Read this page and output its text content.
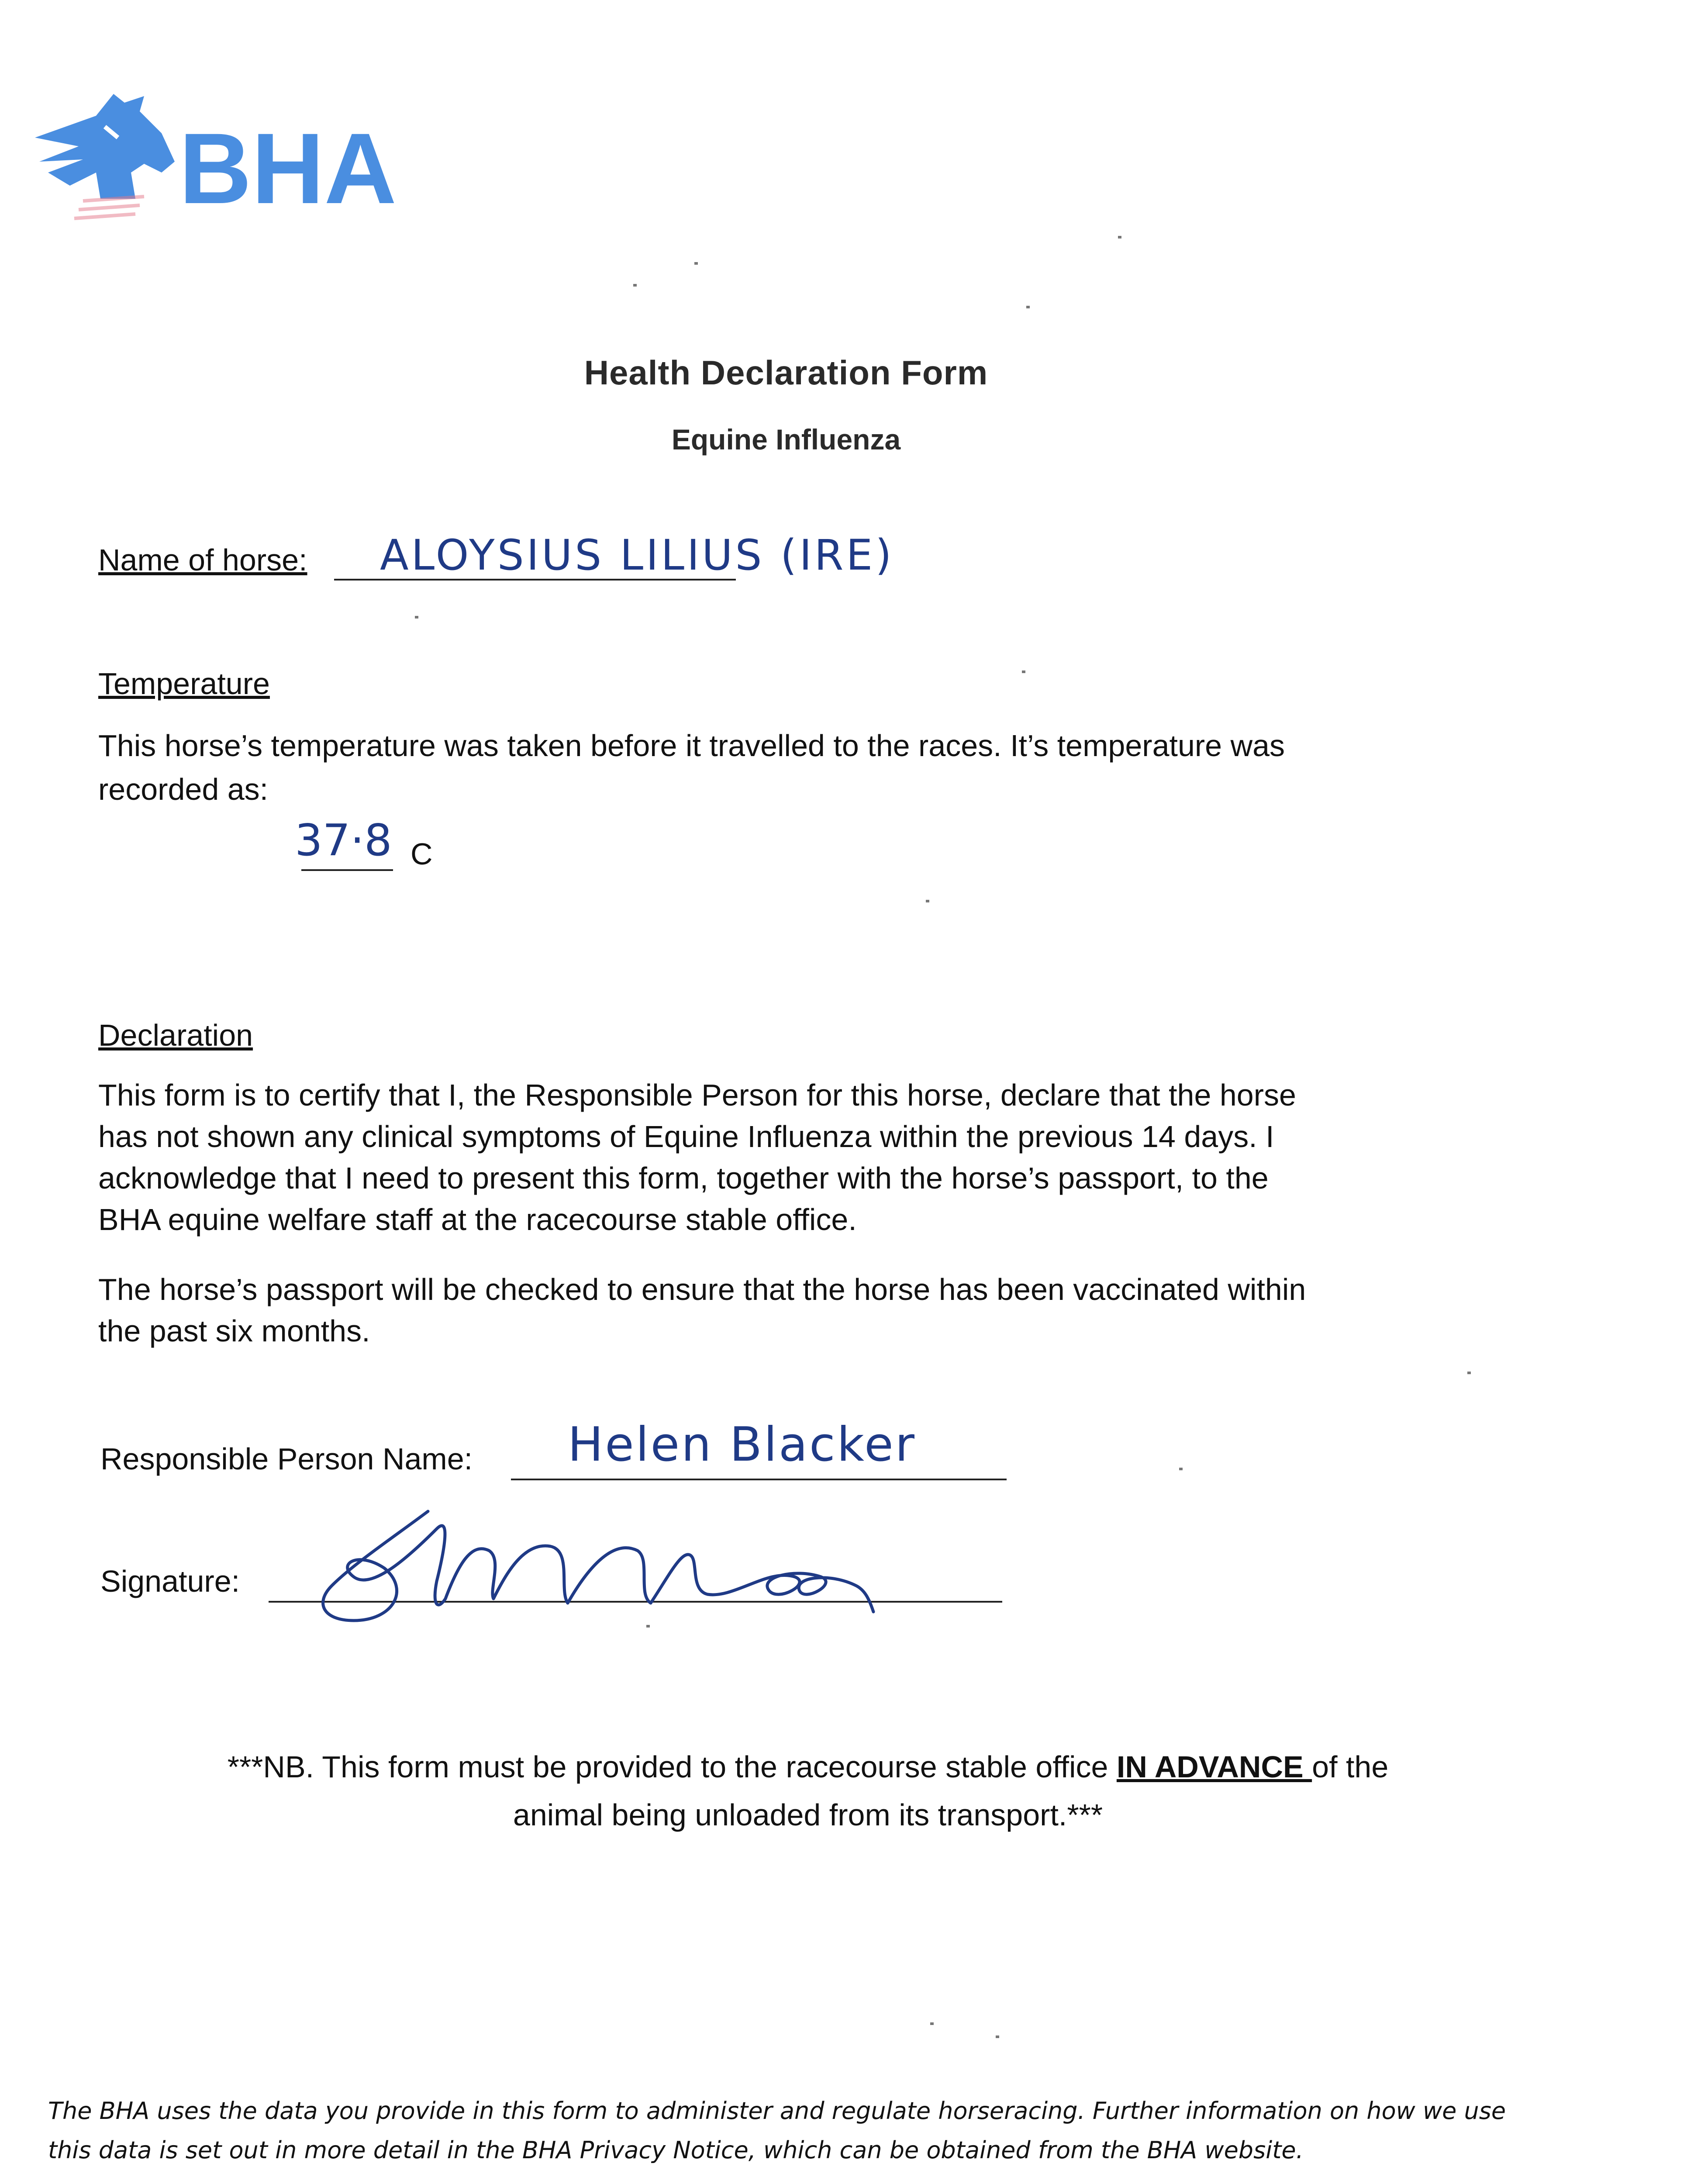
BHA
Health Declaration Form
Equine Influenza
Name of horse: ALOYSIUS LILIUS (IRE)
Temperature
This horse’s temperature was taken before it travelled to the races. It’s temperature was
recorded as:
37·8 C
Declaration
This form is to certify that I, the Responsible Person for this horse, declare that the horse
has not shown any clinical symptoms of Equine Influenza within the previous 14 days. I
acknowledge that I need to present this form, together with the horse’s passport, to the
BHA equine welfare staff at the racecourse stable office.
The horse’s passport will be checked to ensure that the horse has been vaccinated within
the past six months.
Responsible Person Name: Helen Blacker
Signature:
***NB. This form must be provided to the racecourse stable office IN ADVANCE of the
animal being unloaded from its transport.***
The BHA uses the data you provide in this form to administer and regulate horseracing. Further information on how we use
this data is set out in more detail in the BHA Privacy Notice, which can be obtained from the BHA website.
